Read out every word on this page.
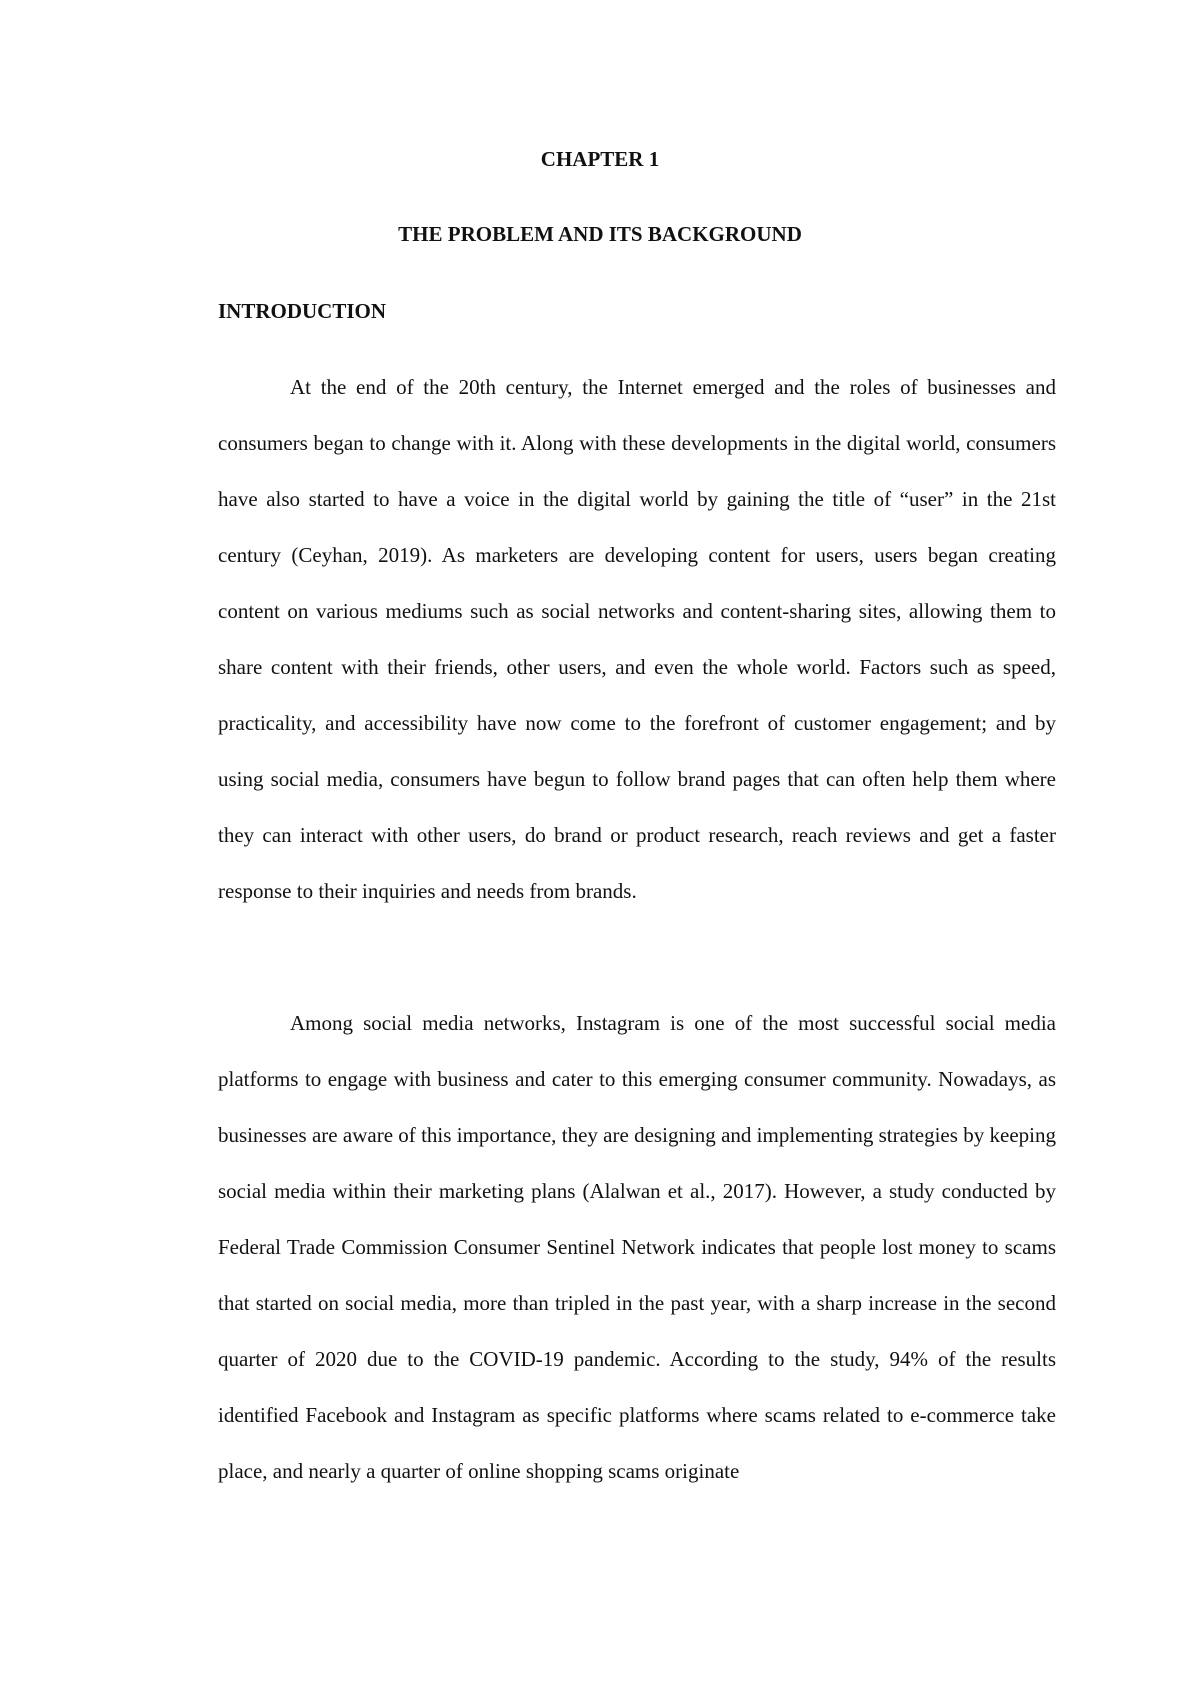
CHAPTER 1
THE PROBLEM AND ITS BACKGROUND
INTRODUCTION

At the end of the 20th century, the Internet emerged and the roles of businesses and consumers began to change with it. Along with these developments in the digital world, consumers have also started to have a voice in the digital world by gaining the title of “user” in the 21st century (Ceyhan, 2019). As marketers are developing content for users, users began creating content on various mediums such as social networks and content-sharing sites, allowing them to share content with their friends, other users, and even the whole world. Factors such as speed, practicality, and accessibility have now come to the forefront of customer engagement; and by using social media, consumers have begun to follow brand pages that can often help them where they can interact with other users, do brand or product research, reach reviews and get a faster response to their inquiries and needs from brands.

Among social media networks, Instagram is one of the most successful social media platforms to engage with business and cater to this emerging consumer community. Nowadays, as businesses are aware of this importance, they are designing and implementing strategies by keeping social media within their marketing plans (Alalwan et al., 2017). However, a study conducted by Federal Trade Commission Consumer Sentinel Network indicates that people lost money to scams that started on social media, more than tripled in the past year, with a sharp increase in the second quarter of 2020 due to the COVID-19 pandemic. According to the study, 94% of the results identified Facebook and Instagram as specific platforms where scams related to e-commerce take place, and nearly a quarter of online shopping scams originate
